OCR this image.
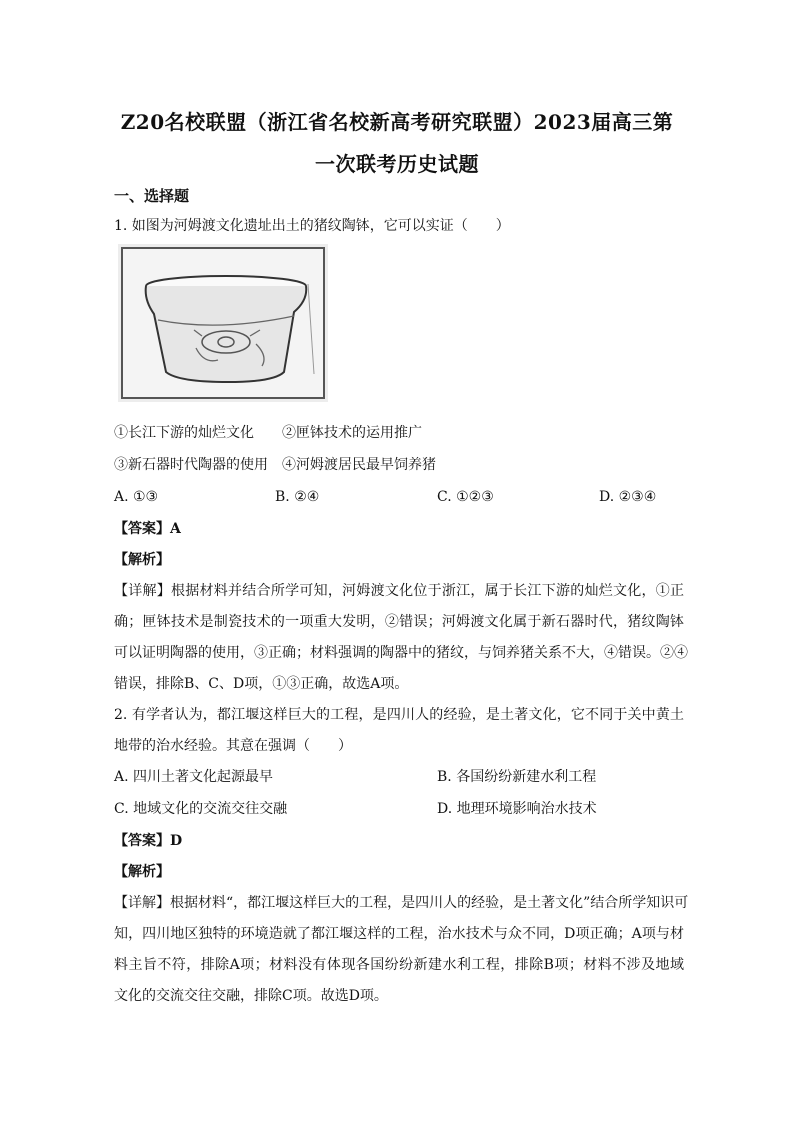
Z20名校联盟（浙江省名校新高考研究联盟）2023届高三第
一次联考历史试题
一、选择题
1. 如图为河姆渡文化遗址出土的猪纹陶钵，它可以实证（　　）
①长江下游的灿烂文化　　②匣钵技术的运用推广
③新石器时代陶器的使用　④河姆渡居民最早饲养猪
A. ①③	B. ②④	C. ①②③	D. ②③④
【答案】A
【解析】
【详解】根据材料并结合所学可知，河姆渡文化位于浙江，属于长江下游的灿烂文化，①正
确；匣钵技术是制瓷技术的一项重大发明，②错误；河姆渡文化属于新石器时代，猪纹陶钵
可以证明陶器的使用，③正确；材料强调的陶器中的猪纹，与饲养猪关系不大，④错误。②④
错误，排除B、C、D项，①③正确，故选A项。
2. 有学者认为，都江堰这样巨大的工程，是四川人的经验，是土著文化，它不同于关中黄土
地带的治水经验。其意在强调（　　）
A. 四川土著文化起源最早	B. 各国纷纷新建水利工程
C. 地域文化的交流交往交融	D. 地理环境影响治水技术
【答案】D
【解析】
【详解】根据材料“，都江堰这样巨大的工程，是四川人的经验，是土著文化”结合所学知识可
知，四川地区独特的环境造就了都江堰这样的工程，治水技术与众不同，D项正确；A项与材
料主旨不符，排除A项；材料没有体现各国纷纷新建水利工程，排除B项；材料不涉及地域
文化的交流交往交融，排除C项。故选D项。
